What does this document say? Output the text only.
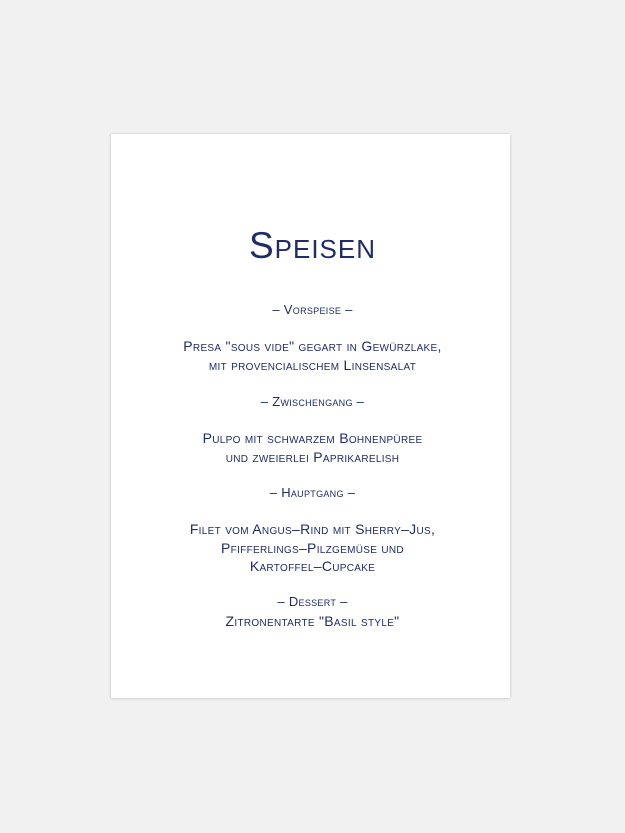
Speisen
– Vorspeise –
Presa "sous vide" gegart in Gewürzlake,
mit provencialischem Linsensalat
– Zwischengang –
Pulpo mit schwarzem Bohnenpüree
und zweierlei Paprikarelish
– Hauptgang –
Filet vom Angus–Rind mit Sherry–Jus,
Pfifferlings–Pilzgemüse und
Kartoffel–Cupcake
– Dessert –
Zitronentarte "Basil style"
